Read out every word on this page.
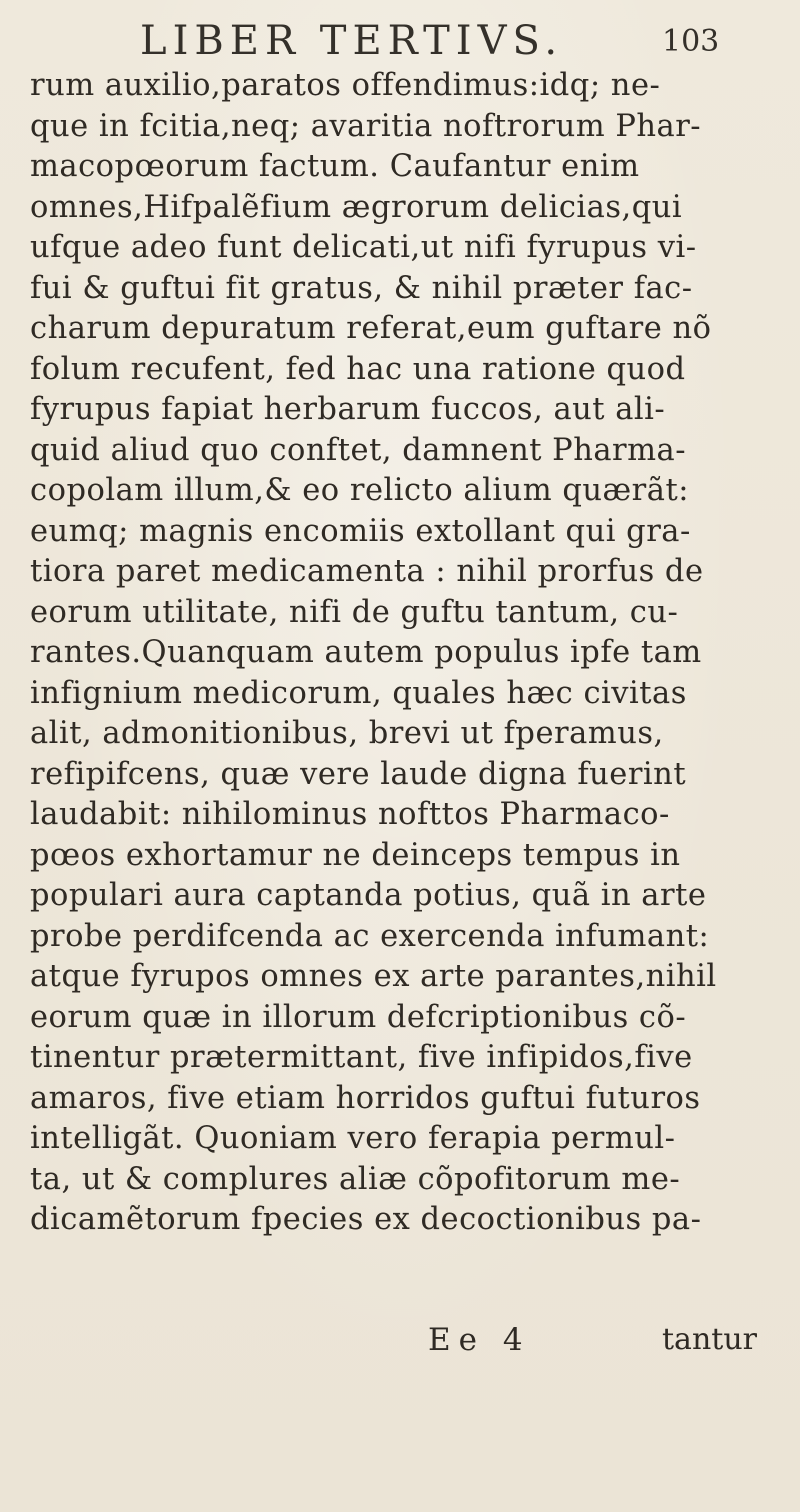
LIBER TERTIVS.	103
rum auxilio,paratos offendimus:idq; ne-
que in fcitia,neq; avaritia noftrorum Phar-
macopœorum factum. Caufantur enim
omnes,Hifpalẽfium ægrorum delicias,qui
ufque adeo funt delicati,ut nifi fyrupus vi-
fui & guftui fit gratus, & nihil præter fac-
charum depuratum referat,eum guftare nõ
folum recufent, fed hac una ratione quod
fyrupus fapiat herbarum fuccos, aut ali-
quid aliud quo conftet, damnent Pharma-
copolam illum,& eo relicto alium quærãt:
eumq; magnis encomiis extollant qui gra-
tiora paret medicamenta : nihil prorfus de
eorum utilitate, nifi de guftu tantum, cu-
rantes.Quanquam autem populus ipfe tam
infignium medicorum, quales hæc civitas
alit, admonitionibus, brevi ut fperamus,
refipifcens, quæ vere laude digna fuerint
laudabit: nihilominus nofttos Pharmaco-
pœos exhortamur ne deinceps tempus in
populari aura captanda potius, quã in arte
probe perdifcenda ac exercenda infumant:
atque fyrupos omnes ex arte parantes,nihil
eorum quæ in illorum defcriptionibus cõ-
tinentur prætermittant, five infipidos,five
amaros, five etiam horridos guftui futuros
intelligãt. Quoniam vero ferapia permul-
ta, ut & complures aliæ cõpofitorum me-
dicamẽtorum fpecies ex decoctionibus pa-
Ee 4	tantur
